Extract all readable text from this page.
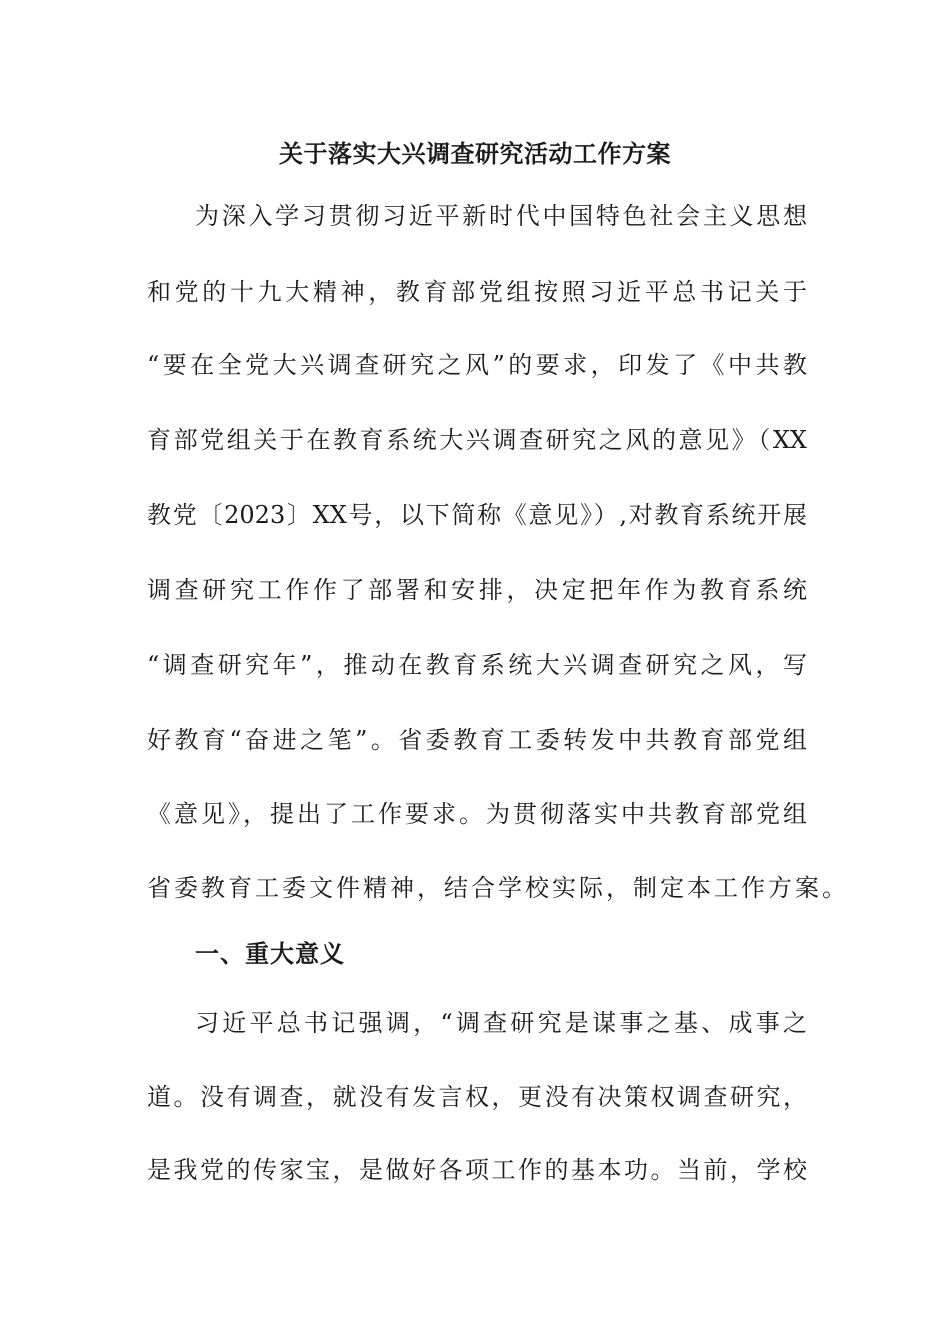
关于落实大兴调查研究活动工作方案
为深入学习贯彻习近平新时代中国特色社会主义思想
和党的十九大精神，教育部党组按照习近平总书记关于
“要在全党大兴调查研究之风”的要求，印发了《中共教
育部党组关于在教育系统大兴调查研究之风的意见》（XX
教党〔2023〕XX号，以下简称《意见》）,对教育系统开展
调查研究工作作了部署和安排，决定把年作为教育系统
“调查研究年”，推动在教育系统大兴调查研究之风，写
好教育“奋进之笔”。省委教育工委转发中共教育部党组
《意见》，提出了工作要求。为贯彻落实中共教育部党组
省委教育工委文件精神，结合学校实际，制定本工作方案。
一、重大意义
习近平总书记强调，“调查研究是谋事之基、成事之
道。没有调查，就没有发言权，更没有决策权调查研究，
是我党的传家宝，是做好各项工作的基本功。当前，学校
